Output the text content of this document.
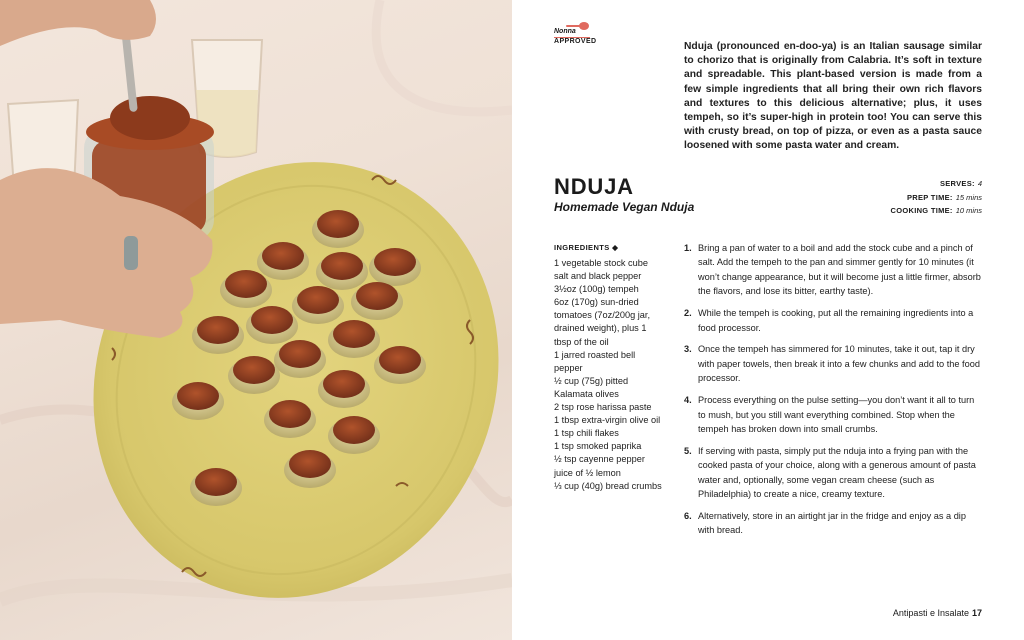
Nonna
APPROVED	Nduja (pronounced en-doo-ya) is an Italian sausage similar to chorizo that is originally from Calabria. It’s soft in texture and spreadable. This plant-based version is made from a few simple ingredients that all bring their own rich flavors and textures to this delicious alternative; plus, it uses tempeh, so it’s super-high in protein too! You can serve this with crusty bread, on top of pizza, or even as a pasta sauce loosened with some pasta water and cream.

NDUJA
Homemade Vegan Nduja
SERVES: 4
PREP TIME: 15 mins
COOKING TIME: 10 mins
INGREDIENTS ◆
1 vegetable stock cube
salt and black pepper
3½oz (100g) tempeh
6oz (170g) sun-dried tomatoes (7oz/200g jar, drained weight), plus 1 tbsp of the oil
1 jarred roasted bell pepper
½ cup (75g) pitted Kalamata olives
2 tsp rose harissa paste
1 tbsp extra-virgin olive oil
1 tsp chili flakes
1 tsp smoked paprika
½ tsp cayenne pepper
juice of ½ lemon
⅓ cup (40g) bread crumbs
1. Bring a pan of water to a boil and add the stock cube and a pinch of salt. Add the tempeh to the pan and simmer gently for 10 minutes (it won’t change appearance, but it will become just a little firmer, absorb the flavors, and lose its bitter, earthy taste).
2. While the tempeh is cooking, put all the remaining ingredients into a food processor.
3. Once the tempeh has simmered for 10 minutes, take it out, tap it dry with paper towels, then break it into a few chunks and add to the food processor.
4. Process everything on the pulse setting—you don’t want it all to turn to mush, but you still want everything combined. Stop when the tempeh has broken down into small crumbs.
5. If serving with pasta, simply put the nduja into a frying pan with the cooked pasta of your choice, along with a generous amount of pasta water and, optionally, some vegan cream cheese (such as Philadelphia) to create a nice, creamy texture.
6. Alternatively, store in an airtight jar in the fridge and enjoy as a dip with bread.
Antipasti e Insalate 17
